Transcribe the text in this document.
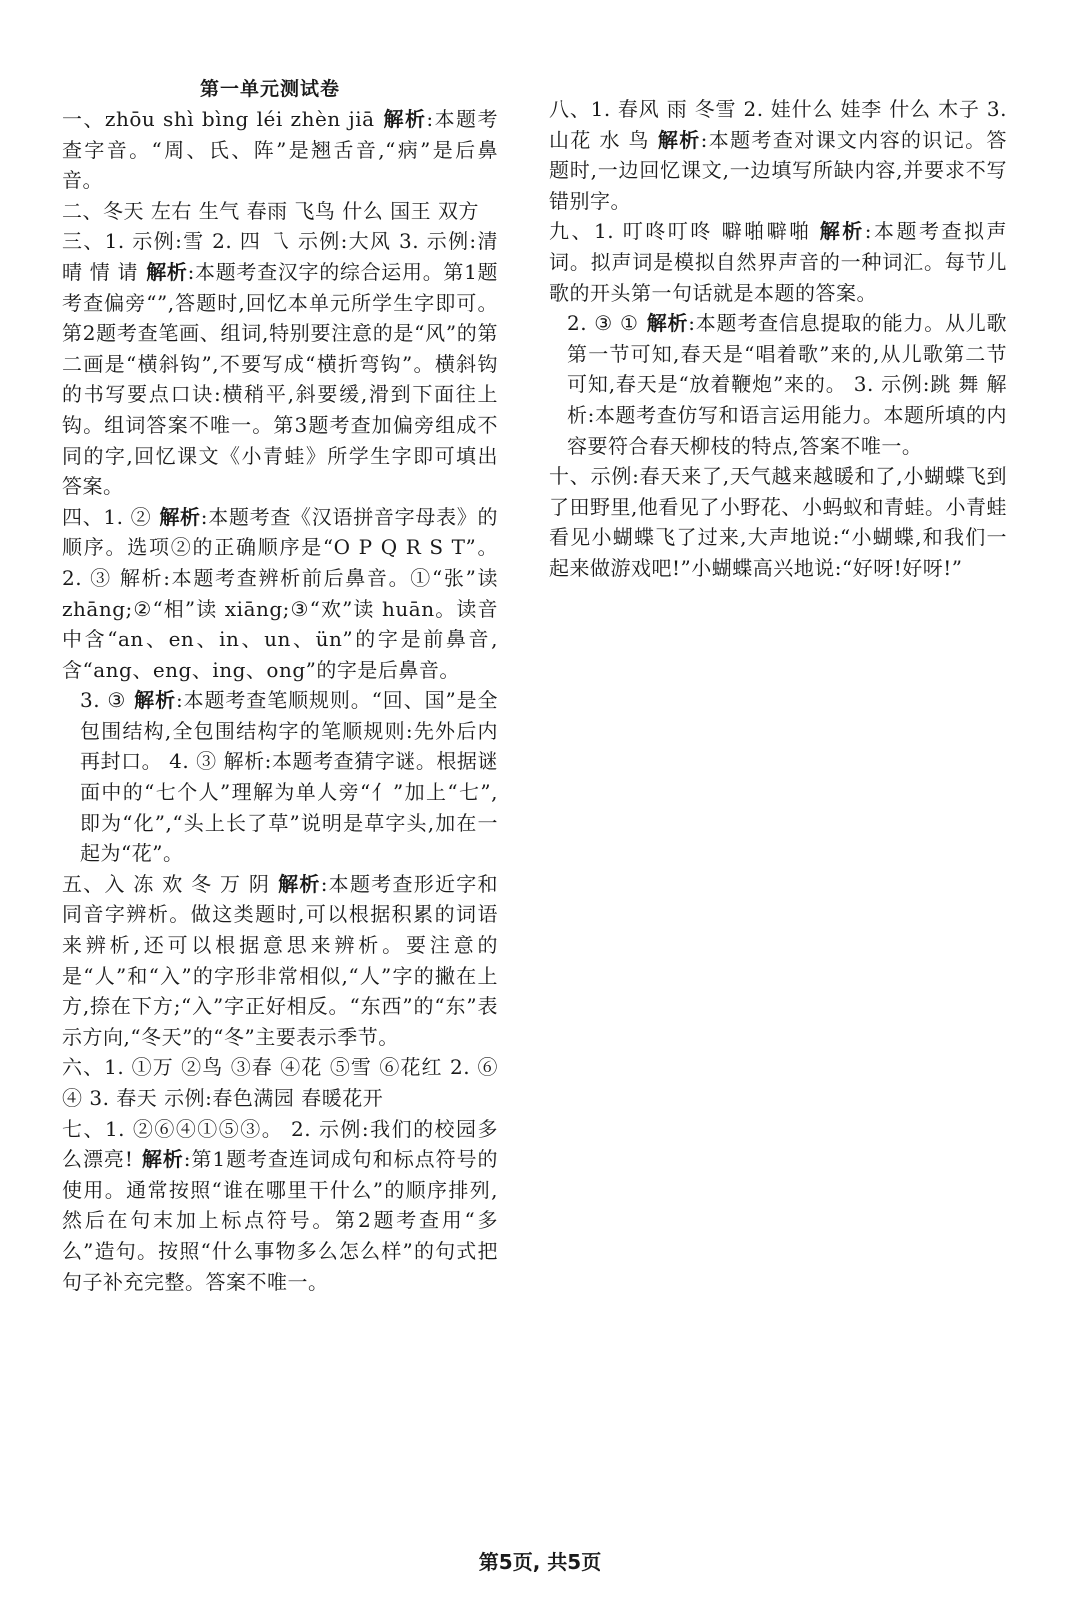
第一单元测试卷

一、zhōu shì bìng léi zhèn jiā 解析:本题考查字音。“周、氏、阵”是翘舌音,“病”是后鼻音。

二、冬天 左右 生气 春雨 飞鸟 什么 国王 双方

三、1. 示例:雪 2. 四 乁 示例:大风 3. 示例:清 晴 情 请 解析:本题考查汉字的综合运用。第1题考查偏旁“”,答题时,回忆本单元所学生字即可。第2题考查笔画、组词,特别要注意的是“风”的第二画是“横斜钩”,不要写成“横折弯钩”。横斜钩的书写要点口诀:横稍平,斜要缓,滑到下面往上钩。组词答案不唯一。第3题考查加偏旁组成不同的字,回忆课文《小青蛙》所学生字即可填出答案。

四、1. ② 解析:本题考查《汉语拼音字母表》的顺序。选项②的正确顺序是“O P Q R S T”。 2. ③ 解析:本题考查辨析前后鼻音。①“张”读 zhāng;②“相”读 xiāng;③“欢”读 huān。读音中含“an、en、in、un、ün”的字是前鼻音,含“ang、eng、ing、ong”的字是后鼻音。

3. ③ 解析:本题考查笔顺规则。“回、国”是全包围结构,全包围结构字的笔顺规则:先外后内再封口。 4. ③ 解析:本题考查猜字谜。根据谜面中的“七个人”理解为单人旁“亻”加上“七”,即为“化”,“头上长了草”说明是草字头,加在一起为“花”。

五、入 冻 欢 冬 万 阴 解析:本题考查形近字和同音字辨析。做这类题时,可以根据积累的词语来辨析,还可以根据意思来辨析。要注意的是“人”和“入”的字形非常相似,“人”字的撇在上方,捺在下方;“入”字正好相反。“东西”的“东”表示方向,“冬天”的“冬”主要表示季节。

六、1. ①万 ②鸟 ③春 ④花 ⑤雪 ⑥花红 2. ⑥ ④ 3. 春天 示例:春色满园 春暖花开

七、1. ②⑥④①⑤③。 2. 示例:我们的校园多么漂亮! 解析:第1题考查连词成句和标点符号的使用。通常按照“谁在哪里干什么”的顺序排列,然后在句末加上标点符号。第2题考查用“多么”造句。按照“什么事物多么怎么样”的句式把句子补充完整。答案不唯一。

八、1. 春风 雨 冬雪 2. 娃什么 娃李 什么 木子 3. 山花 水 鸟 解析:本题考查对课文内容的识记。答题时,一边回忆课文,一边填写所缺内容,并要求不写错别字。

九、1. 叮咚叮咚 噼啪噼啪 解析:本题考查拟声词。拟声词是模拟自然界声音的一种词汇。每节儿歌的开头第一句话就是本题的答案。

2. ③ ① 解析:本题考查信息提取的能力。从儿歌第一节可知,春天是“唱着歌”来的,从儿歌第二节可知,春天是“放着鞭炮”来的。 3. 示例:跳 舞 解析:本题考查仿写和语言运用能力。本题所填的内容要符合春天柳枝的特点,答案不唯一。

十、示例:春天来了,天气越来越暖和了,小蝴蝶飞到了田野里,他看见了小野花、小蚂蚁和青蛙。小青蛙看见小蝴蝶飞了过来,大声地说:“小蝴蝶,和我们一起来做游戏吧!”小蝴蝶高兴地说:“好呀!好呀!”

第5页, 共5页
